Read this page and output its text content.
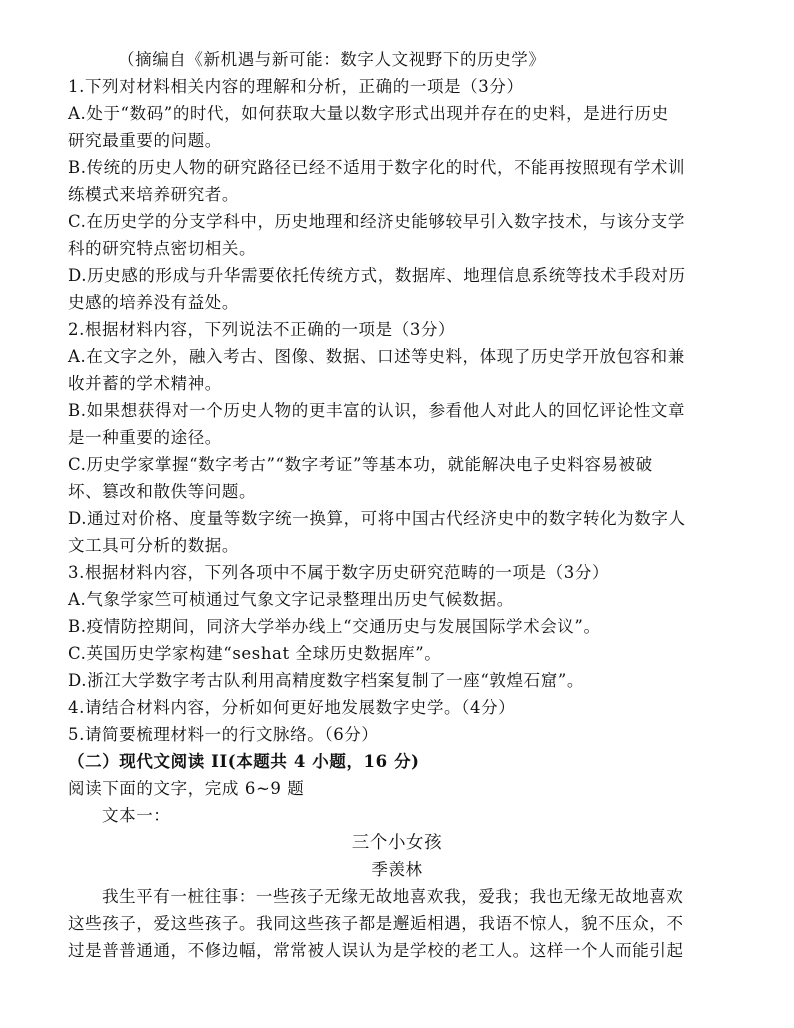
（摘编自《新机遇与新可能：数字人文视野下的历史学》
1.下列对材料相关内容的理解和分析，正确的一项是（3分）
A.处于“数码”的时代，如何获取大量以数字形式出现并存在的史料，是进行历史
研究最重要的问题。
B.传统的历史人物的研究路径已经不适用于数字化的时代，不能再按照现有学术训
练模式来培养研究者。
C.在历史学的分支学科中，历史地理和经济史能够较早引入数字技术，与该分支学
科的研究特点密切相关。
D.历史感的形成与升华需要依托传统方式，数据库、地理信息系统等技术手段对历
史感的培养没有益处。
2.根据材料内容，下列说法不正确的一项是（3分）
A.在文字之外，融入考古、图像、数据、口述等史料，体现了历史学开放包容和兼
收并蓄的学术精神。
B.如果想获得对一个历史人物的更丰富的认识，参看他人对此人的回忆评论性文章
是一种重要的途径。
C.历史学家掌握“数字考古”“数字考证”等基本功，就能解决电子史料容易被破
坏、篡改和散佚等问题。
D.通过对价格、度量等数字统一换算，可将中国古代经济史中的数字转化为数字人
文工具可分析的数据。
3.根据材料内容，下列各项中不属于数字历史研究范畴的一项是（3分）
A.气象学家竺可桢通过气象文字记录整理出历史气候数据。
B.疫情防控期间，同济大学举办线上“交通历史与发展国际学术会议”。
C.英国历史学家构建“seshat 全球历史数据库”。
D.浙江大学数字考古队利用高精度数字档案复制了一座“敦煌石窟”。
4.请结合材料内容，分析如何更好地发展数字史学。（4分）
5.请简要梳理材料一的行文脉络。（6分）
（二）现代文阅读 II(本题共 4 小题，16 分)
阅读下面的文字，完成 6~9 题
文本一：
三个小女孩
季羡林
我生平有一桩往事：一些孩子无缘无故地喜欢我，爱我；我也无缘无故地喜欢
这些孩子，爱这些孩子。我同这些孩子都是邂逅相遇，我语不惊人，貌不压众，不
过是普普通通，不修边幅，常常被人误认为是学校的老工人。这样一个人而能引起
